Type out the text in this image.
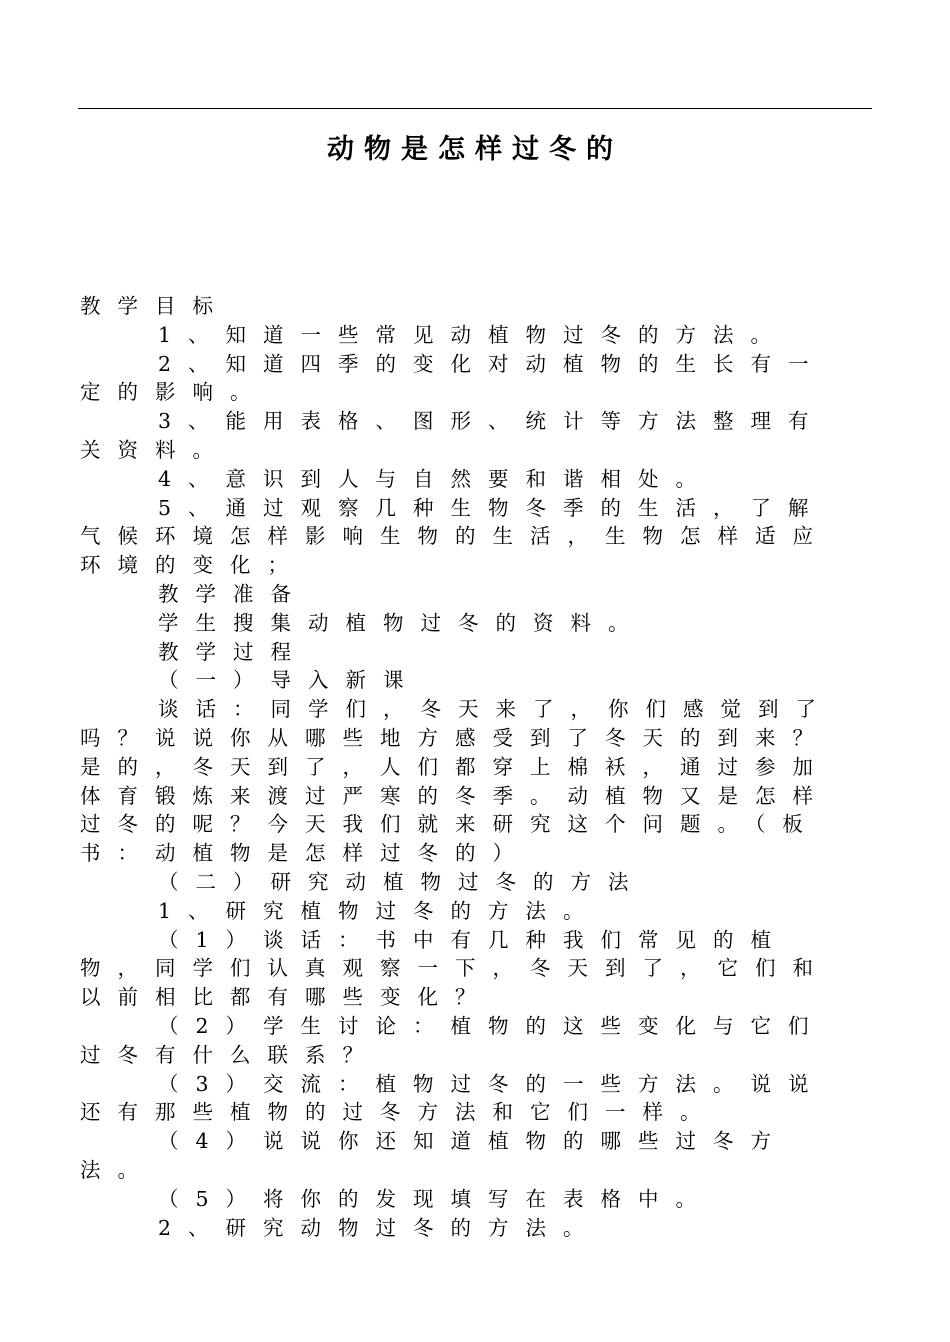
动物是怎样过冬的

教学目标

1、知道一些常见动植物过冬的方法。

2、知道四季的变化对动植物的生长有一定的影响。

3、能用表格、图形、统计等方法整理有关资料。

4、意识到人与自然要和谐相处。

5、通过观察几种生物冬季的生活，了解气候环境怎样影响生物的生活，生物怎样适应环境的变化；

教学准备

学生搜集动植物过冬的资料。

教学过程

（一）导入新课

谈话：同学们，冬天来了，你们感觉到了吗？说说你从哪些地方感受到了冬天的到来？是的，冬天到了，人们都穿上棉袄，通过参加体育锻炼来渡过严寒的冬季。动植物又是怎样过冬的呢？今天我们就来研究这个问题。（板书：动植物是怎样过冬的）

（二）研究动植物过冬的方法

1、研究植物过冬的方法。

（1）谈话：书中有几种我们常见的植物，同学们认真观察一下，冬天到了，它们和以前相比都有哪些变化？

（2）学生讨论：植物的这些变化与它们过冬有什么联系？

（3）交流：植物过冬的一些方法。说说还有那些植物的过冬方法和它们一样。

（4）说说你还知道植物的哪些过冬方法。

（5）将你的发现填写在表格中。

2、研究动物过冬的方法。
